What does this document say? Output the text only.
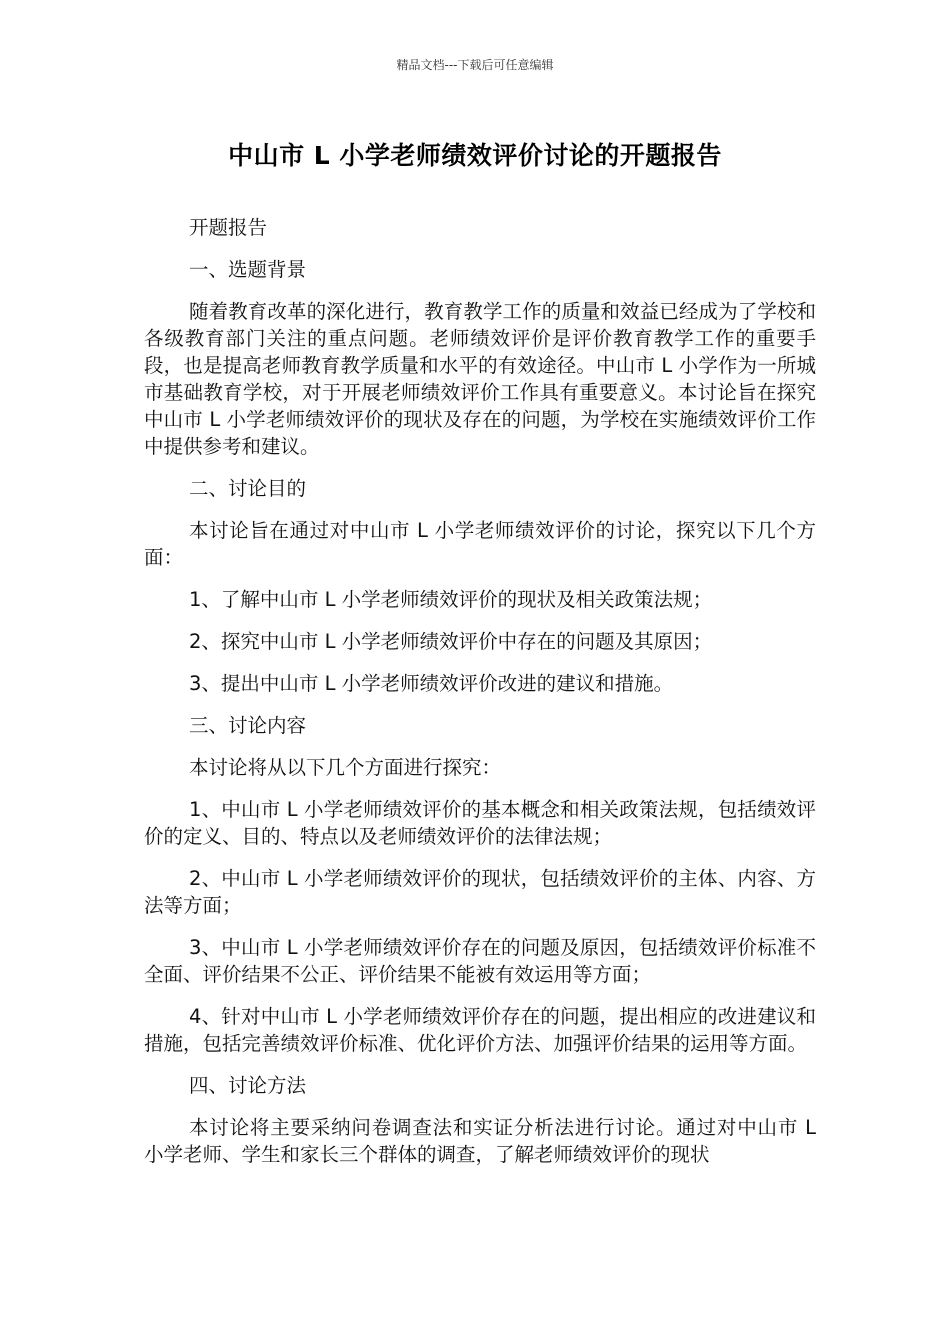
精品文档---下载后可任意编辑
中山市 L 小学老师绩效评价讨论的开题报告

开题报告

一、选题背景

随着教育改革的深化进行，教育教学工作的质量和效益已经成为了学校和各级教育部门关注的重点问题。老师绩效评价是评价教育教学工作的重要手段，也是提高老师教育教学质量和水平的有效途径。中山市 L 小学作为一所城市基础教育学校，对于开展老师绩效评价工作具有重要意义。本讨论旨在探究中山市 L 小学老师绩效评价的现状及存在的问题，为学校在实施绩效评价工作中提供参考和建议。

二、讨论目的

本讨论旨在通过对中山市 L 小学老师绩效评价的讨论，探究以下几个方面：

1、了解中山市 L 小学老师绩效评价的现状及相关政策法规；

2、探究中山市 L 小学老师绩效评价中存在的问题及其原因；

3、提出中山市 L 小学老师绩效评价改进的建议和措施。

三、讨论内容

本讨论将从以下几个方面进行探究：

1、中山市 L 小学老师绩效评价的基本概念和相关政策法规，包括绩效评价的定义、目的、特点以及老师绩效评价的法律法规；

2、中山市 L 小学老师绩效评价的现状，包括绩效评价的主体、内容、方法等方面；

3、中山市 L 小学老师绩效评价存在的问题及原因，包括绩效评价标准不全面、评价结果不公正、评价结果不能被有效运用等方面；

4、针对中山市 L 小学老师绩效评价存在的问题，提出相应的改进建议和措施，包括完善绩效评价标准、优化评价方法、加强评价结果的运用等方面。

四、讨论方法

本讨论将主要采纳问卷调查法和实证分析法进行讨论。通过对中山市 L 小学老师、学生和家长三个群体的调查，了解老师绩效评价的现状
